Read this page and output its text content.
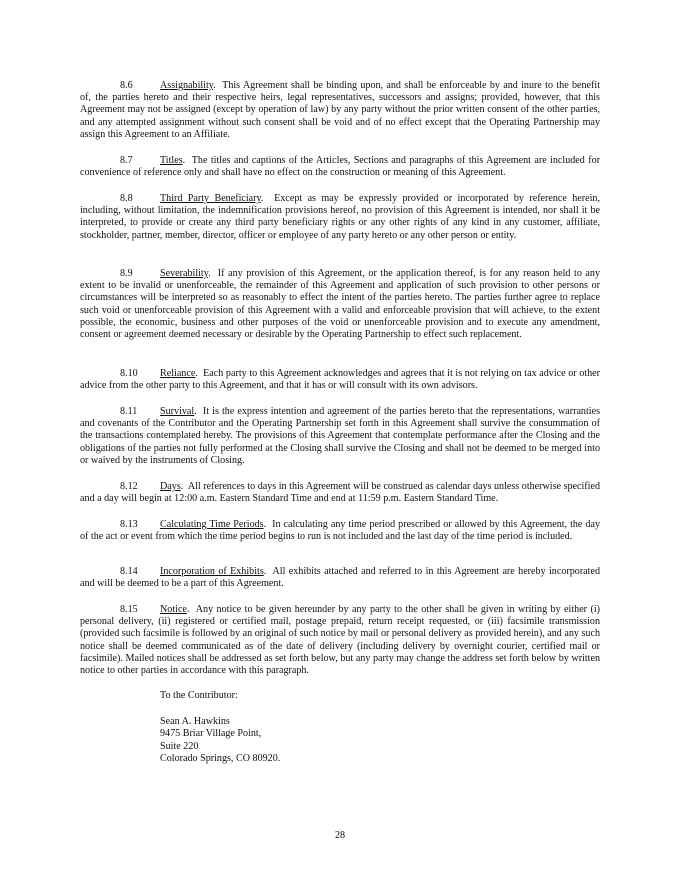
8.6	Assignability.  This Agreement shall be binding upon, and shall be enforceable by and inure to the benefit of, the parties hereto and their respective heirs, legal representatives, successors and assigns; provided, however, that this Agreement may not be assigned (except by operation of law) by any party without the prior written consent of the other parties, and any attempted assignment without such consent shall be void and of no effect except that the Operating Partnership may assign this Agreement to an Affiliate.

8.7	Titles.  The titles and captions of the Articles, Sections and paragraphs of this Agreement are included for convenience of reference only and shall have no effect on the construction or meaning of this Agreement.

8.8	Third Party Beneficiary.  Except as may be expressly provided or incorporated by reference herein, including, without limitation, the indemnification provisions hereof, no provision of this Agreement is intended, nor shall it be interpreted, to provide or create any third party beneficiary rights or any other rights of any kind in any customer, affiliate, stockholder, partner, member, director, officer or employee of any party hereto or any other person or entity.

8.9	Severability.  If any provision of this Agreement, or the application thereof, is for any reason held to any extent to be invalid or unenforceable, the remainder of this Agreement and application of such provision to other persons or circumstances will be interpreted so as reasonably to effect the intent of the parties hereto. The parties further agree to replace such void or unenforceable provision of this Agreement with a valid and enforceable provision that will achieve, to the extent possible, the economic, business and other purposes of the void or unenforceable provision and to execute any amendment, consent or agreement deemed necessary or desirable by the Operating Partnership to effect such replacement.

8.10 Reliance.  Each party to this Agreement acknowledges and agrees that it is not relying on tax advice or other advice from the other party to this Agreement, and that it has or will consult with its own advisors.

8.11 Survival.  It is the express intention and agreement of the parties hereto that the representations, warranties and covenants of the Contributor and the Operating Partnership set forth in this Agreement shall survive the consummation of the transactions contemplated hereby. The provisions of this Agreement that contemplate performance after the Closing and the obligations of the parties not fully performed at the Closing shall survive the Closing and shall not be deemed to be merged into or waived by the instruments of Closing.

8.12 Days.  All references to days in this Agreement will be construed as calendar days unless otherwise specified and a day will begin at 12:00 a.m. Eastern Standard Time and end at 11:59 p.m. Eastern Standard Time.

8.13 Calculating Time Periods.  In calculating any time period prescribed or allowed by this Agreement, the day of the act or event from which the time period begins to run is not included and the last day of the time period is included.

8.14 Incorporation of Exhibits.  All exhibits attached and referred to in this Agreement are hereby incorporated and will be deemed to be a part of this Agreement.

8.15 Notice.  Any notice to be given hereunder by any party to the other shall be given in writing by either (i) personal delivery, (ii) registered or certified mail, postage prepaid, return receipt requested, or (iii) facsimile transmission (provided such facsimile is followed by an original of such notice by mail or personal delivery as provided herein), and any such notice shall be deemed communicated as of the date of delivery (including delivery by overnight courier, certified mail or facsimile). Mailed notices shall be addressed as set forth below, but any party may change the address set forth below by written notice to other parties in accordance with this paragraph.

To the Contributor:
Sean A. Hawkins
9475 Briar Village Point,
Suite 220
Colorado Springs, CO 80920.
28
